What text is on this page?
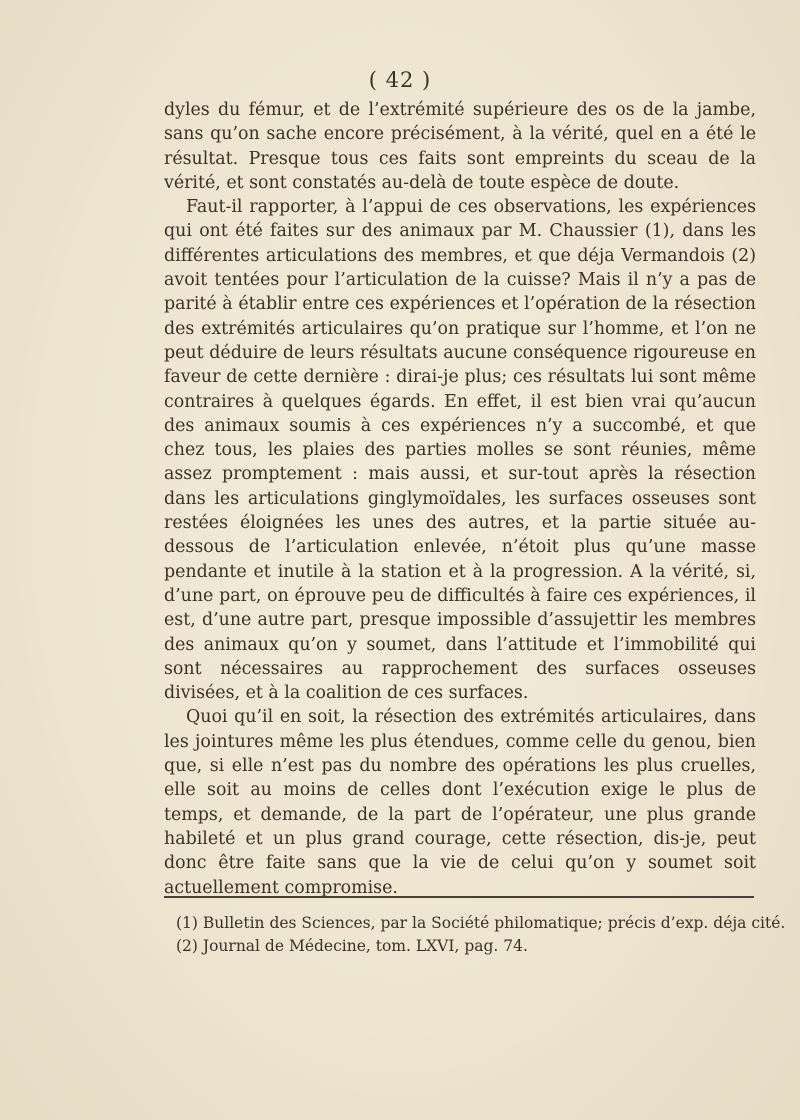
( 42 )

dyles du fémur, et de l’extrémité supérieure des os de la jambe, sans qu’on sache encore précisément, à la vérité, quel en a été le résultat. Presque tous ces faits sont empreints du sceau de la vérité, et sont constatés au-delà de toute espèce de doute.

Faut-il rapporter, à l’appui de ces observations, les expériences qui ont été faites sur des animaux par M. Chaussier (1), dans les différentes articulations des membres, et que déja Vermandois (2) avoit tentées pour l’articulation de la cuisse? Mais il n’y a pas de parité à établir entre ces expériences et l’opération de la résection des extrémités articulaires qu’on pratique sur l’homme, et l’on ne peut déduire de leurs résultats aucune conséquence rigoureuse en faveur de cette dernière : dirai-je plus; ces résultats lui sont même contraires à quelques égards. En effet, il est bien vrai qu’aucun des animaux soumis à ces expériences n’y a succombé, et que chez tous, les plaies des parties molles se sont réunies, même assez promptement : mais aussi, et sur-tout après la résection dans les articulations ginglymoïdales, les surfaces osseuses sont restées éloignées les unes des autres, et la partie située au-dessous de l’articulation enlevée, n’étoit plus qu’une masse pendante et inutile à la station et à la progression. A la vérité, si, d’une part, on éprouve peu de difficultés à faire ces expériences, il est, d’une autre part, presque impossible d’assujettir les membres des animaux qu’on y soumet, dans l’attitude et l’immobilité qui sont nécessaires au rapprochement des surfaces osseuses divisées, et à la coalition de ces surfaces.

Quoi qu’il en soit, la résection des extrémités articulaires, dans les jointures même les plus étendues, comme celle du genou, bien que, si elle n’est pas du nombre des opérations les plus cruelles, elle soit au moins de celles dont l’exécution exige le plus de temps, et demande, de la part de l’opérateur, une plus grande habileté et un plus grand courage, cette résection, dis-je, peut donc être faite sans que la vie de celui qu’on y soumet soit actuellement compromise.

(1) Bulletin des Sciences, par la Société philomatique; précis d’exp. déja cité.
(2) Journal de Médecine, tom. LXVI, pag. 74.
